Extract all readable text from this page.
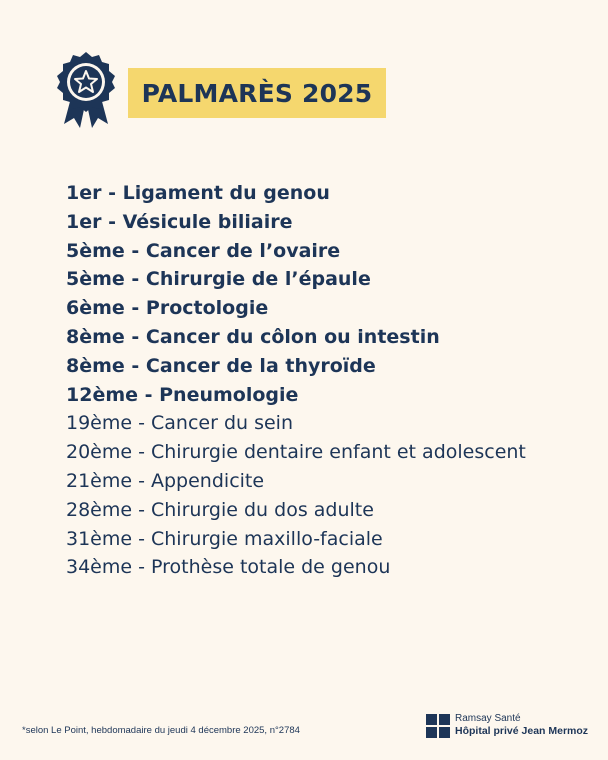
PALMARÈS 2025
1er - Ligament du genou
1er - Vésicule biliaire
5ème - Cancer de l’ovaire
5ème - Chirurgie de l’épaule
6ème - Proctologie
8ème - Cancer du côlon ou intestin
8ème - Cancer de la thyroïde
12ème - Pneumologie
19ème - Cancer du sein
20ème - Chirurgie dentaire enfant et adolescent
21ème - Appendicite
28ème - Chirurgie du dos adulte
31ème - Chirurgie maxillo-faciale
34ème - Prothèse totale de genou
*selon Le Point, hebdomadaire du jeudi 4 décembre 2025, n°2784
Ramsay Santé
Hôpital privé Jean Mermoz
